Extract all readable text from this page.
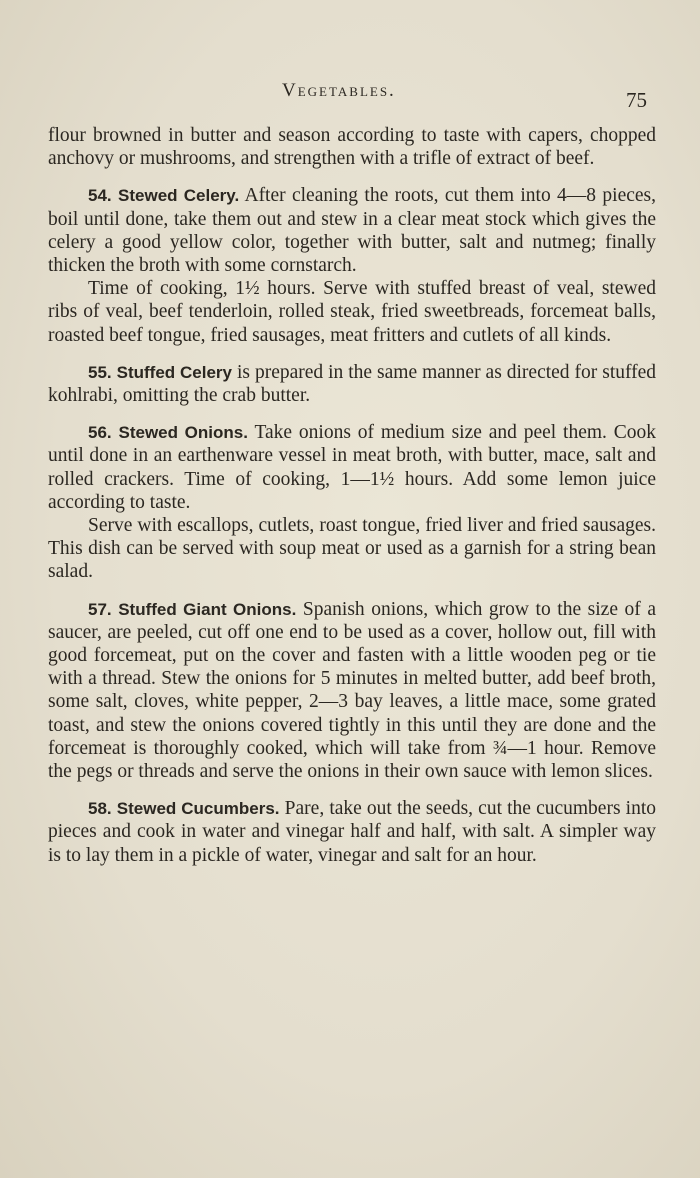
Vegetables.	75

flour browned in butter and season according to taste with capers, chopped anchovy or mushrooms, and strengthen with a trifle of extract of beef.

54. Stewed Celery. After cleaning the roots, cut them into 4—8 pieces, boil until done, take them out and stew in a clear meat stock which gives the celery a good yellow color, together with butter, salt and nutmeg; finally thicken the broth with some cornstarch.

Time of cooking, 1½ hours. Serve with stuffed breast of veal, stewed ribs of veal, beef tenderloin, rolled steak, fried sweetbreads, forcemeat balls, roasted beef tongue, fried sausages, meat fritters and cutlets of all kinds.

55. Stuffed Celery is prepared in the same manner as directed for stuffed kohlrabi, omitting the crab butter.

56. Stewed Onions. Take onions of medium size and peel them. Cook until done in an earthenware vessel in meat broth, with butter, mace, salt and rolled crackers. Time of cooking, 1—1½ hours. Add some lemon juice according to taste.

Serve with escallops, cutlets, roast tongue, fried liver and fried sausages. This dish can be served with soup meat or used as a garnish for a string bean salad.

57. Stuffed Giant Onions. Spanish onions, which grow to the size of a saucer, are peeled, cut off one end to be used as a cover, hollow out, fill with good forcemeat, put on the cover and fasten with a little wooden peg or tie with a thread. Stew the onions for 5 minutes in melted butter, add beef broth, some salt, cloves, white pepper, 2—3 bay leaves, a little mace, some grated toast, and stew the onions covered tightly in this until they are done and the forcemeat is thoroughly cooked, which will take from ¾—1 hour. Remove the pegs or threads and serve the onions in their own sauce with lemon slices.

58. Stewed Cucumbers. Pare, take out the seeds, cut the cucumbers into pieces and cook in water and vinegar half and half, with salt. A simpler way is to lay them in a pickle of water, vinegar and salt for an hour.
